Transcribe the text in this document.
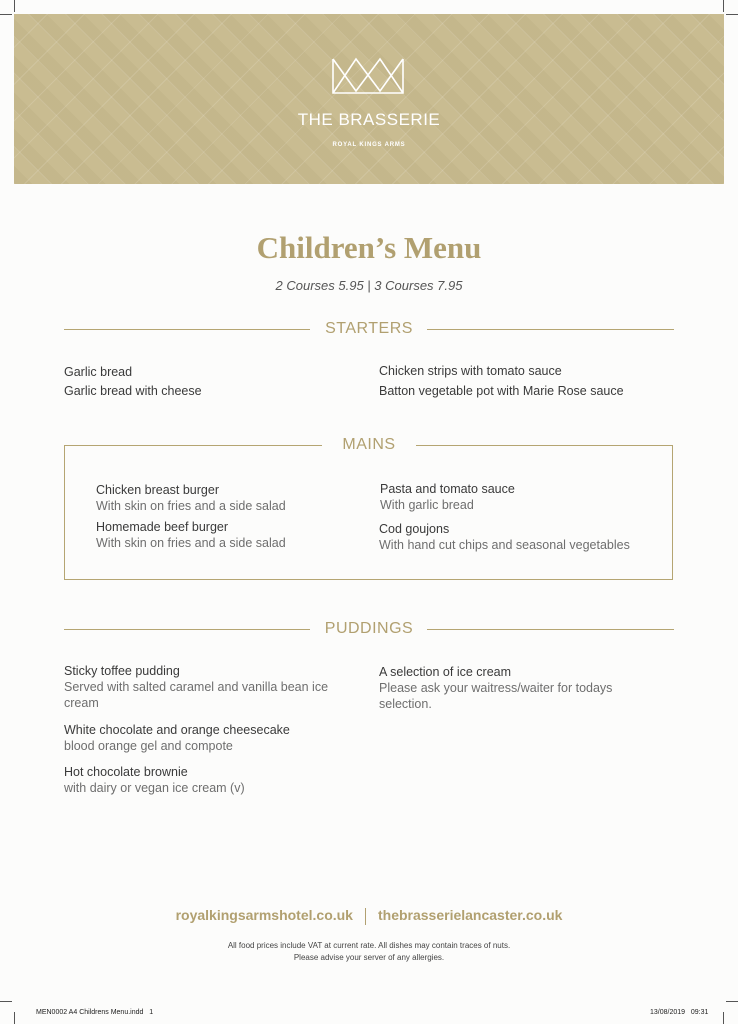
THE BRASSERIE
ROYAL KINGS ARMS
Children’s Menu
2 Courses 5.95 | 3 Courses 7.95
STARTERS
Garlic bread
Garlic bread with cheese
Chicken strips with tomato sauce
Batton vegetable pot with Marie Rose sauce
MAINS
Chicken breast burger
With skin on fries and a side salad
Homemade beef burger
With skin on fries and a side salad
Pasta and tomato sauce
With garlic bread
Cod goujons
With hand cut chips and seasonal vegetables
PUDDINGS
Sticky toffee pudding
Served with salted caramel and vanilla bean ice cream
White chocolate and orange cheesecake
blood orange gel and compote
Hot chocolate brownie
with dairy or vegan ice cream (v)
A selection of ice cream
Please ask your waitress/waiter for todays selection.
royalkingsarmshotel.co.uk thebrasserielancaster.co.uk
All food prices include VAT at current rate. All dishes may contain traces of nuts.
Please advise your server of any allergies.
MEN0002 A4 Childrens Menu.indd   1	13/08/2019   09:31
